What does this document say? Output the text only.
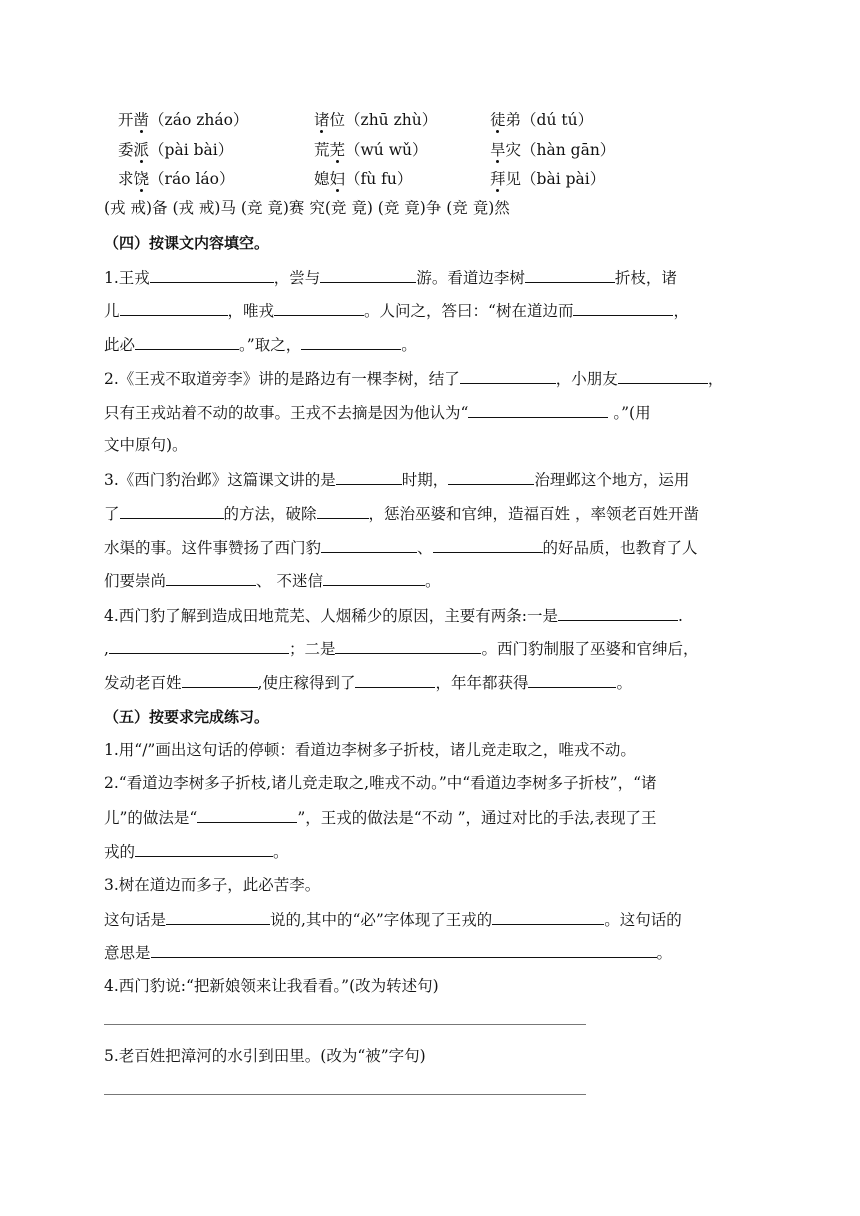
开凿（záo zháo）	诸位（zhū zhù）	徒弟（dú tú）
委派（pài bài）	荒芜（wú wǔ）	旱灾（hàn gān）
求饶（ráo láo）	媳妇（fù fu）	拜见（bài pài）
(戎 戒)备 (戎 戒)马 (竞 竟)赛 究(竞 竟) (竞 竟)争 (竞 竟)然
（四）按课文内容填空。
1.王戎	，尝与	游。看道边李树	折枝，诸
儿	，唯戎	。人问之，答曰：“树在道边而	，
此必	。”取之，	。
2.《王戎不取道旁李》讲的是路边有一棵李树，结了	，小朋友	，
只有王戎站着不动的故事。王戎不去摘是因为他认为“	。”(用
文中原句)。
3.《西门豹治邺》这篇课文讲的是	时期，	治理邺这个地方，运用
了	的方法，破除	，惩治巫婆和官绅，造福百姓 ，率领老百姓开凿
水渠的事。这件事赞扬了西门豹	、	的好品质，也教育了人
们要崇尚	、 不迷信	。
4.西门豹了解到造成田地荒芜、人烟稀少的原因，主要有两条:一是	.
,	；二是	。西门豹制服了巫婆和官绅后，
发动老百姓	,使庄稼得到了	，年年都获得	。
（五）按要求完成练习。
1.用“/”画出这句话的停顿：看道边李树多子折枝，诸儿竞走取之，唯戎不动。
2.“看道边李树多子折枝,诸儿竞走取之,唯戎不动。”中“看道边李树多子折枝”，“诸
儿”的做法是“	”，王戎的做法是“不动 ”，通过对比的手法,表现了王
戎的	。
3.树在道边而多子，此必苦李。
这句话是	说的,其中的“必”字体现了王戎的	。这句话的
意思是	。
4.西门豹说:“把新娘领来让我看看。”(改为转述句)
5.老百姓把漳河的水引到田里。(改为“被”字句)
